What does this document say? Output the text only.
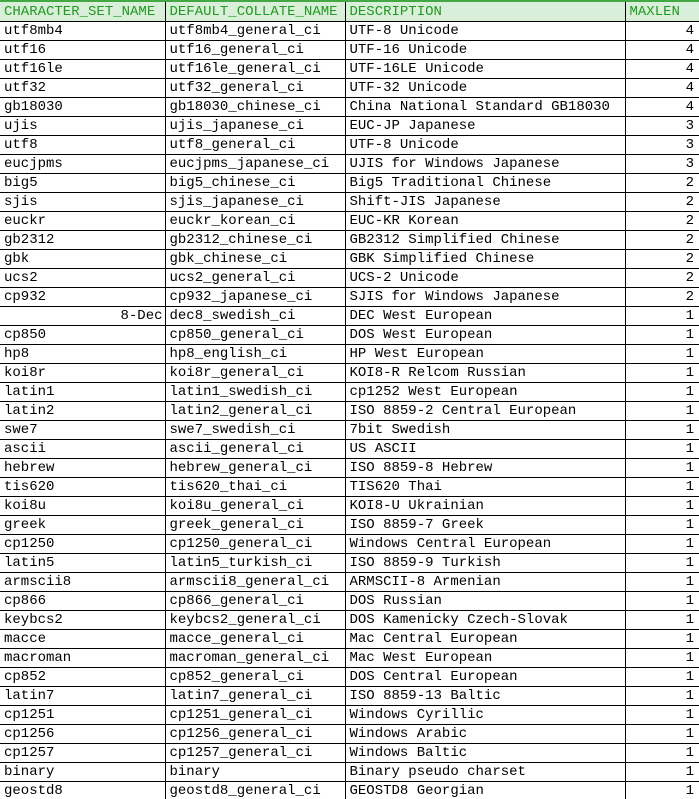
CHARACTER_SET_NAME	DEFAULT_COLLATE_NAME	DESCRIPTION	MAXLEN
utf8mb4	utf8mb4_general_ci	UTF-8 Unicode	4
utf16	utf16_general_ci	UTF-16 Unicode	4
utf16le	utf16le_general_ci	UTF-16LE Unicode	4
utf32	utf32_general_ci	UTF-32 Unicode	4
gb18030	gb18030_chinese_ci	China National Standard GB18030	4
ujis	ujis_japanese_ci	EUC-JP Japanese	3
utf8	utf8_general_ci	UTF-8 Unicode	3
eucjpms	eucjpms_japanese_ci	UJIS for Windows Japanese	3
big5	big5_chinese_ci	Big5 Traditional Chinese	2
sjis	sjis_japanese_ci	Shift-JIS Japanese	2
euckr	euckr_korean_ci	EUC-KR Korean	2
gb2312	gb2312_chinese_ci	GB2312 Simplified Chinese	2
gbk	gbk_chinese_ci	GBK Simplified Chinese	2
ucs2	ucs2_general_ci	UCS-2 Unicode	2
cp932	cp932_japanese_ci	SJIS for Windows Japanese	2
8-Dec	dec8_swedish_ci	DEC West European	1
cp850	cp850_general_ci	DOS West European	1
hp8	hp8_english_ci	HP West European	1
koi8r	koi8r_general_ci	KOI8-R Relcom Russian	1
latin1	latin1_swedish_ci	cp1252 West European	1
latin2	latin2_general_ci	ISO 8859-2 Central European	1
swe7	swe7_swedish_ci	7bit Swedish	1
ascii	ascii_general_ci	US ASCII	1
hebrew	hebrew_general_ci	ISO 8859-8 Hebrew	1
tis620	tis620_thai_ci	TIS620 Thai	1
koi8u	koi8u_general_ci	KOI8-U Ukrainian	1
greek	greek_general_ci	ISO 8859-7 Greek	1
cp1250	cp1250_general_ci	Windows Central European	1
latin5	latin5_turkish_ci	ISO 8859-9 Turkish	1
armscii8	armscii8_general_ci	ARMSCII-8 Armenian	1
cp866	cp866_general_ci	DOS Russian	1
keybcs2	keybcs2_general_ci	DOS Kamenicky Czech-Slovak	1
macce	macce_general_ci	Mac Central European	1
macroman	macroman_general_ci	Mac West European	1
cp852	cp852_general_ci	DOS Central European	1
latin7	latin7_general_ci	ISO 8859-13 Baltic	1
cp1251	cp1251_general_ci	Windows Cyrillic	1
cp1256	cp1256_general_ci	Windows Arabic	1
cp1257	cp1257_general_ci	Windows Baltic	1
binary	binary	Binary pseudo charset	1
geostd8	geostd8_general_ci	GEOSTD8 Georgian	1
